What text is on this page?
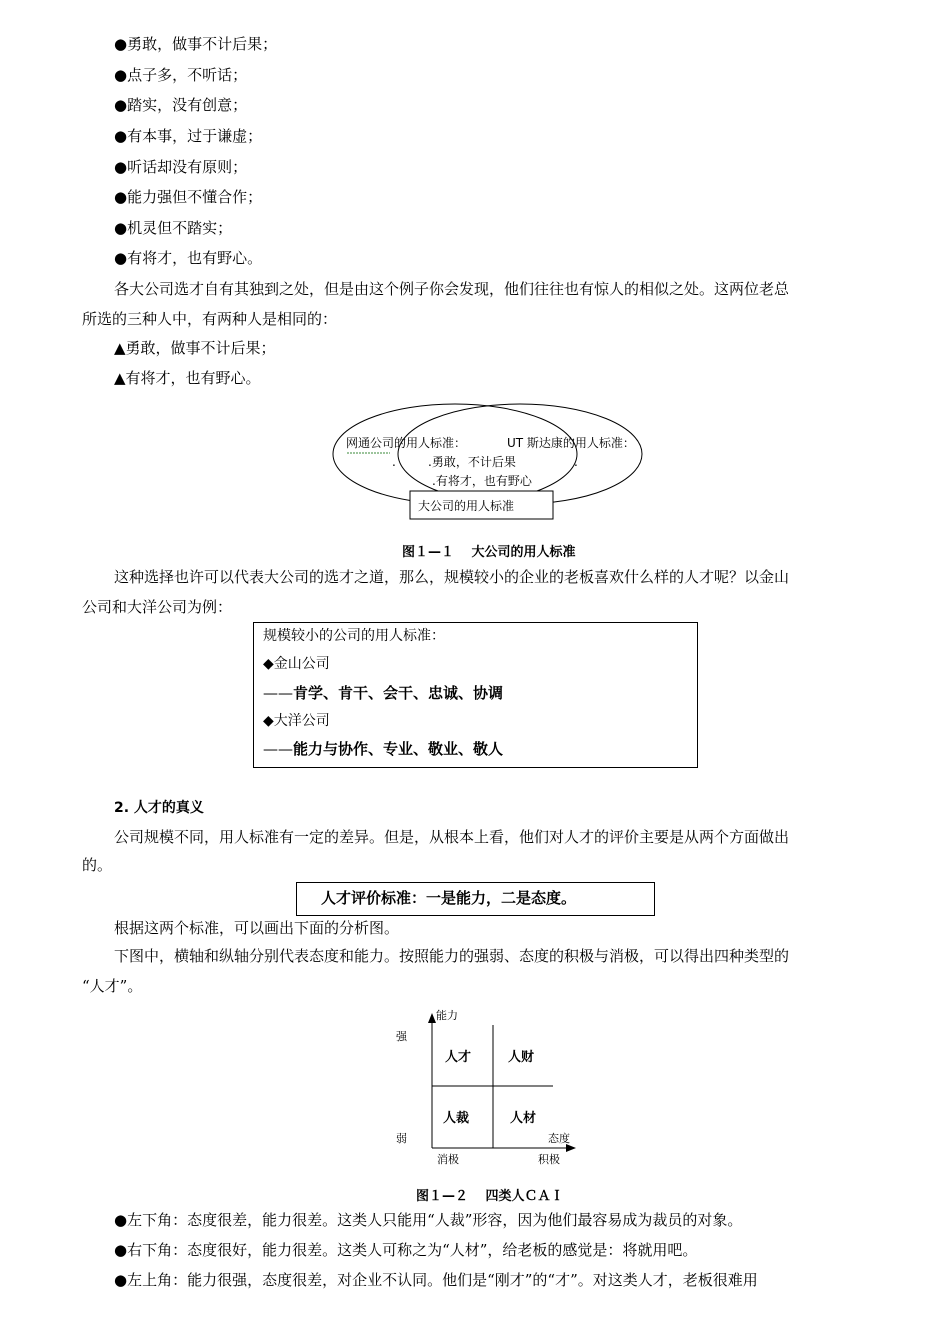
●勇敢，做事不计后果；
●点子多，不听话；
●踏实，没有创意；
●有本事，过于谦虚；
●听话却没有原则；
●能力强但不懂合作；
●机灵但不踏实；
●有将才，也有野心。
各大公司选才自有其独到之处，但是由这个例子你会发现，他们往往也有惊人的相似之处。这两位老总
所选的三种人中，有两种人是相同的：
▲勇敢，做事不计后果；
▲有将才，也有野心。
网通公司的用人标准：	UT 斯达康的用人标准：
.	.
.勇敢，不计后果
.有将才，也有野心
大公司的用人标准
图１—１　 大公司的用人标准
这种选择也许可以代表大公司的选才之道，那么，规模较小的企业的老板喜欢什么样的人才呢？以金山
公司和大洋公司为例：
规模较小的公司的用人标准：
◆金山公司
——肯学、肯干、会干、忠诚、协调
◆大洋公司
——能力与协作、专业、敬业、敬人
2. 人才的真义
公司规模不同，用人标准有一定的差异。但是，从根本上看，他们对人才的评价主要是从两个方面做出
的。
人才评价标准：一是能力，二是态度。
根据这两个标准，可以画出下面的分析图。
下图中，横轴和纵轴分别代表态度和能力。按照能力的强弱、态度的积极与消极，可以得出四种类型的
“人才”。
能力
态度
强
弱
消极	积极
人才	人财
人裁	人材
图１—２　 四类人ＣＡＩ
●左下角：态度很差，能力很差。这类人只能用“人裁”形容，因为他们最容易成为裁员的对象。
●右下角：态度很好，能力很差。这类人可称之为“人材”，给老板的感觉是：将就用吧。
●左上角：能力很强，态度很差，对企业不认同。他们是“刚才”的“才”。对这类人才，老板很难用
